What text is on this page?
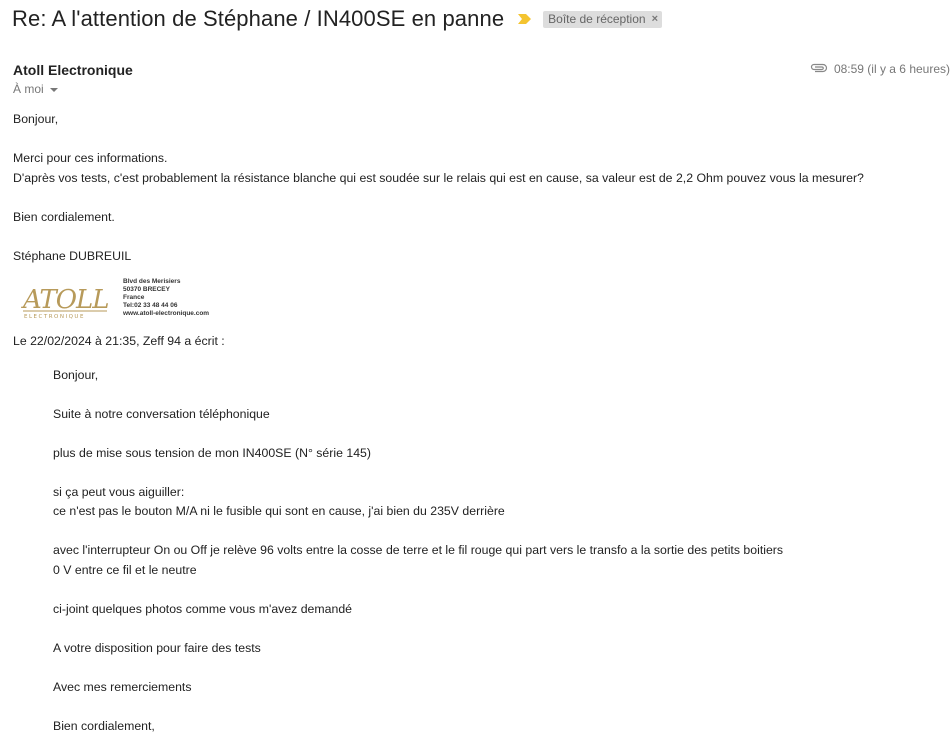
Re: A l'attention de Stéphane / IN400SE en panne	Boîte de réception ×
Atoll Electronique
À moi
08:59 (il y a 6 heures)
Bonjour,
Merci pour ces informations.
D'après vos tests, c'est probablement la résistance blanche qui est soudée sur le relais qui est en cause, sa valeur est de 2,2 Ohm pouvez vous la mesurer?
Bien cordialement.
Stéphane DUBREUIL
ATOLL
ELECTRONIQUE
Blvd des Merisiers
50370 BRECEY
France
Tel:02 33 48 44 06
www.atoll-electronique.com
Le 22/02/2024 à 21:35, Zeff 94 a écrit :
Bonjour,
Suite à notre conversation téléphonique
plus de mise sous tension de mon IN400SE (N° série 145)
si ça peut vous aiguiller:
ce n'est pas le bouton M/A ni le fusible qui sont en cause, j'ai bien du 235V derrière
avec l'interrupteur On ou Off je relève 96 volts entre la cosse de terre et le fil rouge qui part vers le transfo a la sortie des petits boitiers
0 V entre ce fil et le neutre
ci-joint quelques photos comme vous m'avez demandé
A votre disposition pour faire des tests
Avec mes remerciements
Bien cordialement,
